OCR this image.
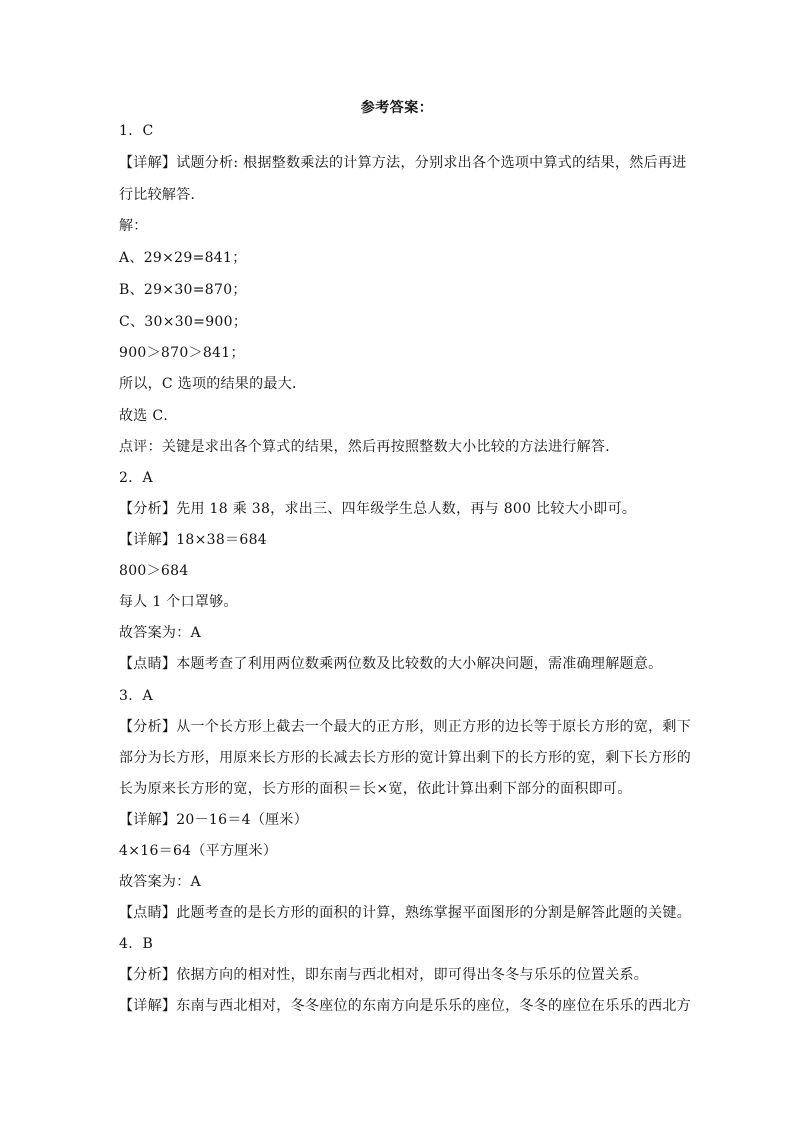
参考答案：
1．C
【详解】试题分析: 根据整数乘法的计算方法，分别求出各个选项中算式的结果，然后再进
行比较解答．
解：
A、29×29=841；
B、29×30=870；
C、30×30=900；
900＞870＞841；
所以，C 选项的结果的最大．
故选 C．
点评：关键是求出各个算式的结果，然后再按照整数大小比较的方法进行解答．
2．A
【分析】先用 18 乘 38，求出三、四年级学生总人数，再与 800 比较大小即可。
【详解】18×38＝684
800＞684
每人 1 个口罩够。
故答案为：A
【点睛】本题考查了利用两位数乘两位数及比较数的大小解决问题，需准确理解题意。
3．A
【分析】从一个长方形上截去一个最大的正方形，则正方形的边长等于原长方形的宽，剩下
部分为长方形，用原来长方形的长减去长方形的宽计算出剩下的长方形的宽，剩下长方形的
长为原来长方形的宽，长方形的面积＝长×宽，依此计算出剩下部分的面积即可。
【详解】20－16＝4（厘米）
4×16＝64（平方厘米）
故答案为：A
【点睛】此题考查的是长方形的面积的计算，熟练掌握平面图形的分割是解答此题的关键。
4．B
【分析】依据方向的相对性，即东南与西北相对，即可得出冬冬与乐乐的位置关系。
【详解】东南与西北相对，冬冬座位的东南方向是乐乐的座位，冬冬的座位在乐乐的西北方
